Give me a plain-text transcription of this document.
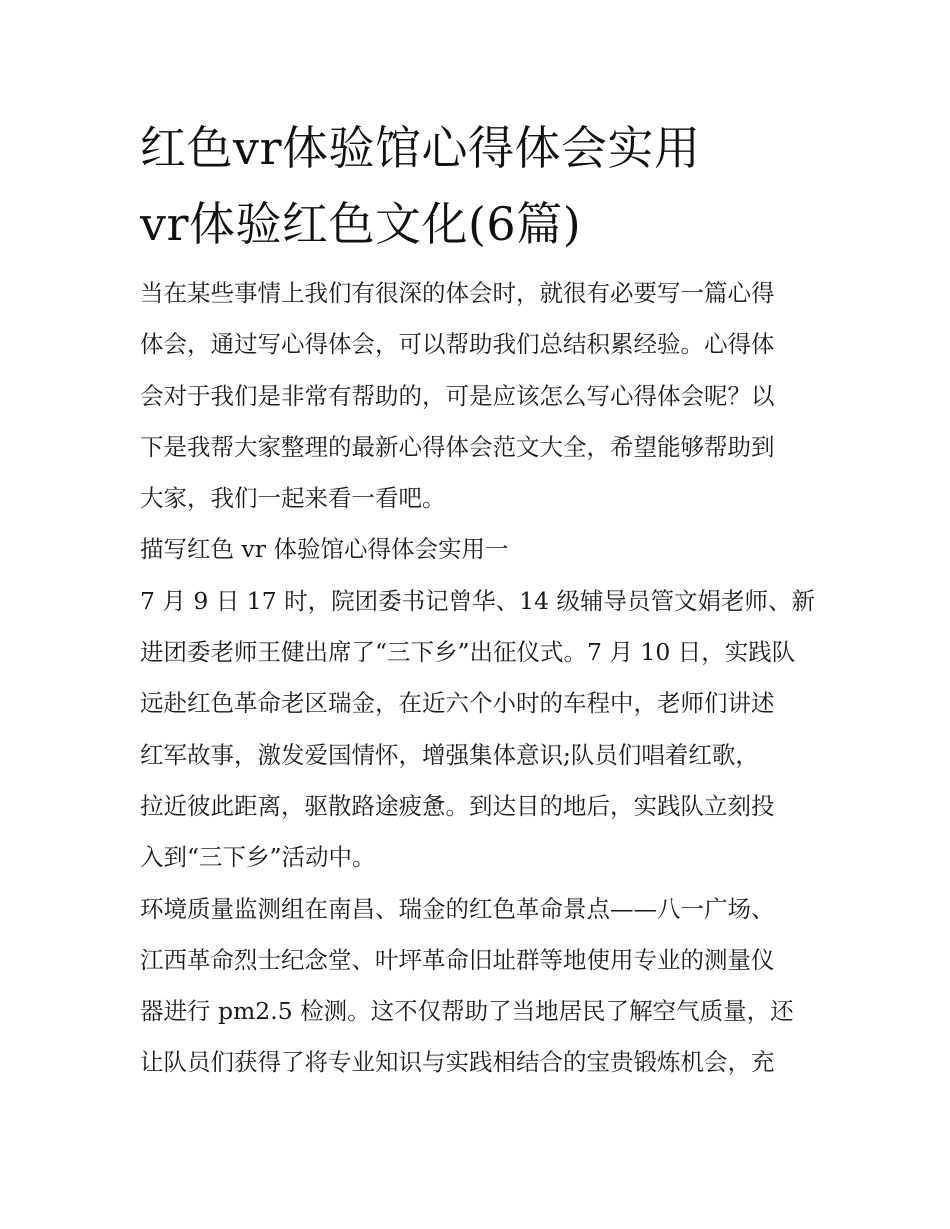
红色vr体验馆心得体会实用
vr体验红色文化(6篇)
当在某些事情上我们有很深的体会时，就很有必要写一篇心得
体会，通过写心得体会，可以帮助我们总结积累经验。心得体
会对于我们是非常有帮助的，可是应该怎么写心得体会呢？以
下是我帮大家整理的最新心得体会范文大全，希望能够帮助到
大家，我们一起来看一看吧。
描写红色 vr 体验馆心得体会实用一
7 月 9 日 17 时，院团委书记曾华、14 级辅导员管文娟老师、新
进团委老师王健出席了“三下乡”出征仪式。7 月 10 日，实践队
远赴红色革命老区瑞金，在近六个小时的车程中，老师们讲述
红军故事，激发爱国情怀，增强集体意识;队员们唱着红歌，
拉近彼此距离，驱散路途疲惫。到达目的地后，实践队立刻投
入到“三下乡”活动中。
环境质量监测组在南昌、瑞金的红色革命景点——八一广场、
江西革命烈士纪念堂、叶坪革命旧址群等地使用专业的测量仪
器进行 pm2.5 检测。这不仅帮助了当地居民了解空气质量，还
让队员们获得了将专业知识与实践相结合的宝贵锻炼机会，充
